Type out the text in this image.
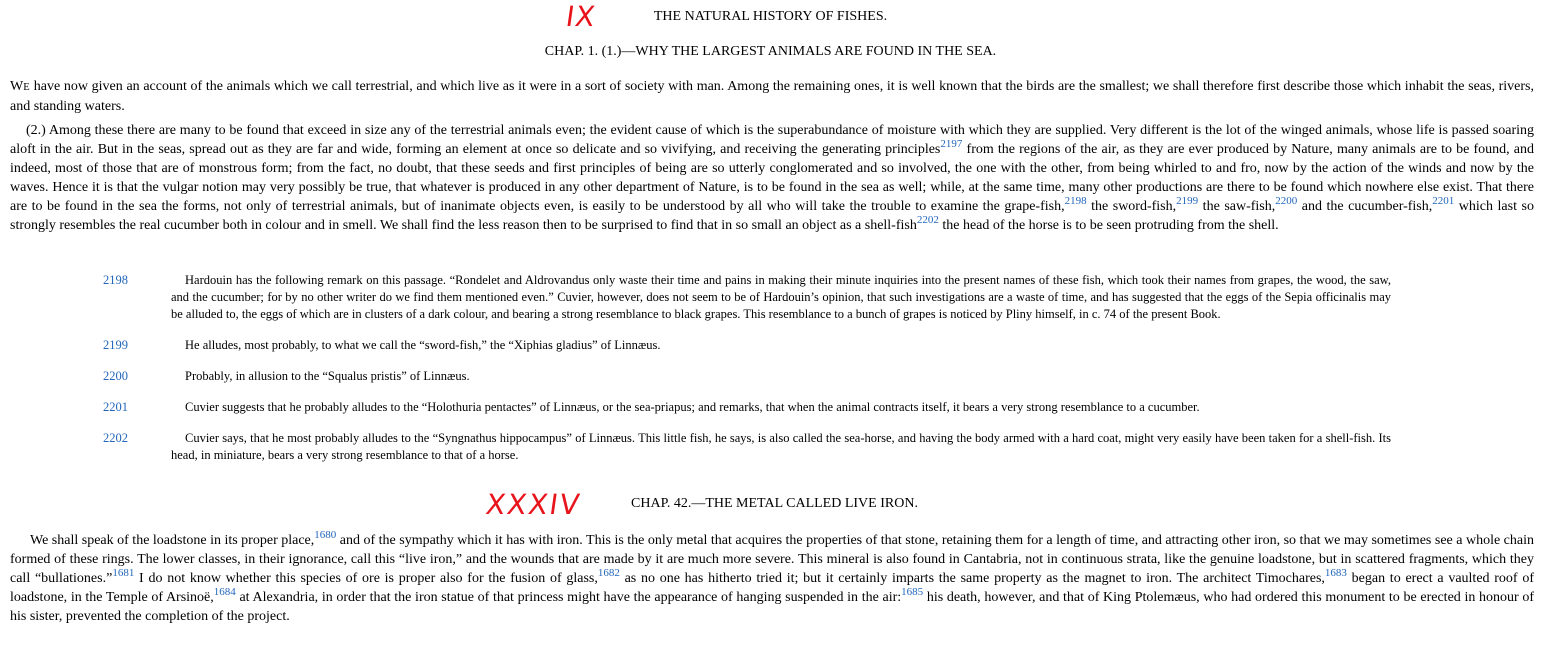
IX	THE NATURAL HISTORY OF FISHES.
CHAP. 1. (1.)—WHY THE LARGEST ANIMALS ARE FOUND IN THE SEA.

WE have now given an account of the animals which we call terrestrial, and which live as it were in a sort of society with man. Among the remaining ones, it is well known that the birds are the smallest; we shall therefore first describe those which inhabit the seas, rivers, and standing waters.

(2.) Among these there are many to be found that exceed in size any of the terrestrial animals even; the evident cause of which is the superabundance of moisture with which they are supplied. Very different is the lot of the winged animals, whose life is passed soaring aloft in the air. But in the seas, spread out as they are far and wide, forming an element at once so delicate and so vivifying, and receiving the generating principles$^{2197}$ from the regions of the air, as they are ever produced by Nature, many animals are to be found, and indeed, most of those that are of monstrous form; from the fact, no doubt, that these seeds and first principles of being are so utterly conglomerated and so involved, the one with the other, from being whirled to and fro, now by the action of the winds and now by the waves. Hence it is that the vulgar notion may very possibly be true, that whatever is produced in any other department of Nature, is to be found in the sea as well; while, at the same time, many other productions are there to be found which nowhere else exist. That there are to be found in the sea the forms, not only of terrestrial animals, but of inanimate objects even, is easily to be understood by all who will take the trouble to examine the grape-fish,$^{2198}$ the sword-fish,$^{2199}$ the saw-fish,$^{2200}$ and the cucumber-fish,$^{2201}$ which last so strongly resembles the real cucumber both in colour and in smell. We shall find the less reason then to be surprised to find that in so small an object as a shell-fish$^{2202}$ the head of the horse is to be seen protruding from the shell.

2198	Hardouin has the following remark on this passage. “Rondelet and Aldrovandus only waste their time and pains in making their minute inquiries into the present names of these fish, which took their names from grapes, the wood, the saw, and the cucumber; for by no other writer do we find them mentioned even.” Cuvier, however, does not seem to be of Hardouin’s opinion, that such investigations are a waste of time, and has suggested that the eggs of the Sepia officinalis may be alluded to, the eggs of which are in clusters of a dark colour, and bearing a strong resemblance to black grapes. This resemblance to a bunch of grapes is noticed by Pliny himself, in c. 74 of the present Book.
2199	He alludes, most probably, to what we call the “sword-fish,” the “Xiphias gladius” of Linnæus.
2200	Probably, in allusion to the “Squalus pristis” of Linnæus.
2201	Cuvier suggests that he probably alludes to the “Holothuria pentactes” of Linnæus, or the sea-priapus; and remarks, that when the animal contracts itself, it bears a very strong resemblance to a cucumber.
2202	Cuvier says, that he most probably alludes to the “Syngnathus hippocampus” of Linnæus. This little fish, he says, is also called the sea-horse, and having the body armed with a hard coat, might very easily have been taken for a shell-fish. Its head, in miniature, bears a very strong resemblance to that of a horse.
XXXIV	CHAP. 42.—THE METAL CALLED LIVE IRON.

We shall speak of the loadstone in its proper place,$^{1680}$ and of the sympathy which it has with iron. This is the only metal that acquires the properties of that stone, retaining them for a length of time, and attracting other iron, so that we may sometimes see a whole chain formed of these rings. The lower classes, in their ignorance, call this “live iron,” and the wounds that are made by it are much more severe. This mineral is also found in Cantabria, not in continuous strata, like the genuine loadstone, but in scattered fragments, which they call “bullationes.”$^{1681}$ I do not know whether this species of ore is proper also for the fusion of glass,$^{1682}$ as no one has hitherto tried it; but it certainly imparts the same property as the magnet to iron. The architect Timochares,$^{1683}$ began to erect a vaulted roof of loadstone, in the Temple of Arsinoë,$^{1684}$ at Alexandria, in order that the iron statue of that princess might have the appearance of hanging suspended in the air:$^{1685}$ his death, however, and that of King Ptolemæus, who had ordered this monument to be erected in honour of his sister, prevented the completion of the project.
